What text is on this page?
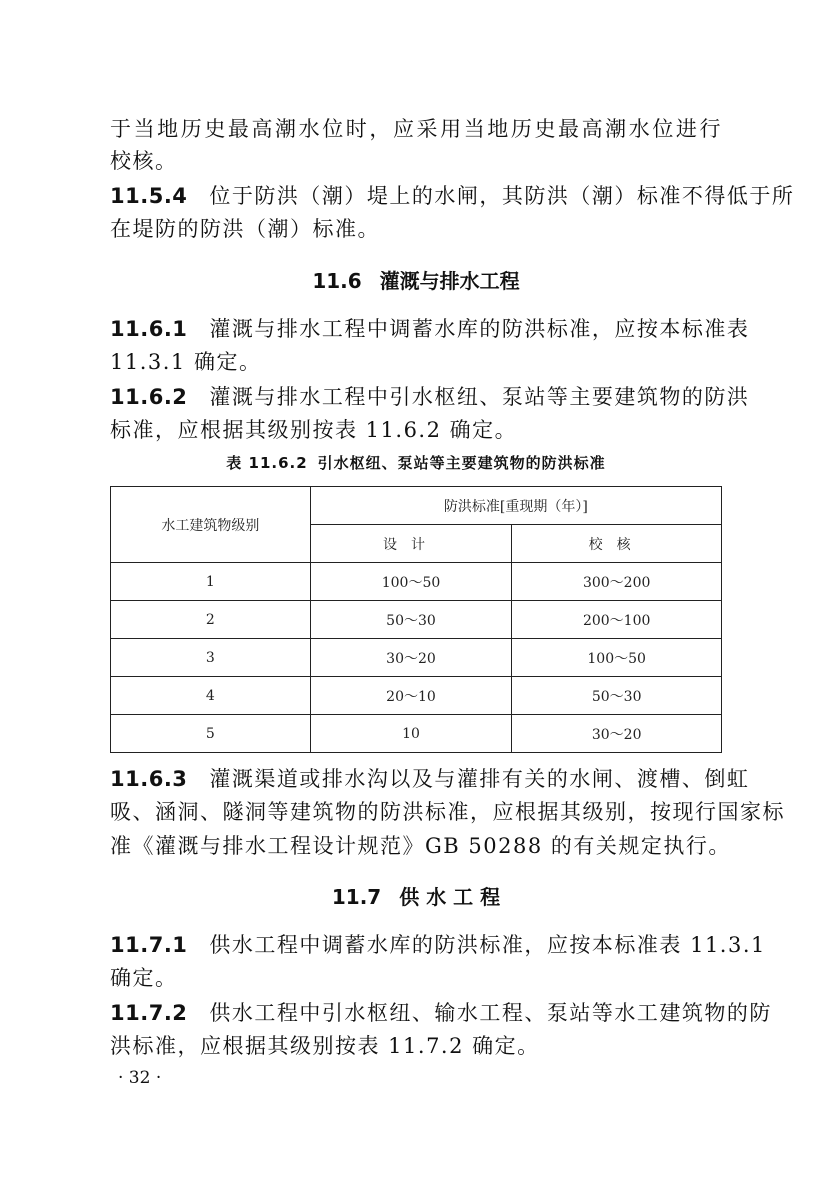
于当地历史最高潮水位时，应采用当地历史最高潮水位进行
校核。
11.5.4 位于防洪（潮）堤上的水闸，其防洪（潮）标准不得低于所
在堤防的防洪（潮）标准。
11.6 灌溉与排水工程
11.6.1 灌溉与排水工程中调蓄水库的防洪标准，应按本标准表
11.3.1 确定。
11.6.2 灌溉与排水工程中引水枢纽、泵站等主要建筑物的防洪
标准，应根据其级别按表 11.6.2 确定。
表 11.6.2 引水枢纽、泵站等主要建筑物的防洪标准
水工建筑物级别	防洪标准[重现期（年）]	
	设计	校核
1	100～50	300～200
2	50～30	200～100
3	30～20	100～50
4	20～10	50～30
5	10	30～20
11.6.3 灌溉渠道或排水沟以及与灌排有关的水闸、渡槽、倒虹
吸、涵洞、隧洞等建筑物的防洪标准，应根据其级别，按现行国家标
准《灌溉与排水工程设计规范》GB 50288 的有关规定执行。
11.7 供 水 工 程
11.7.1 供水工程中调蓄水库的防洪标准，应按本标准表 11.3.1
确定。
11.7.2 供水工程中引水枢纽、输水工程、泵站等水工建筑物的防
洪标准，应根据其级别按表 11.7.2 确定。
· 32 ·
